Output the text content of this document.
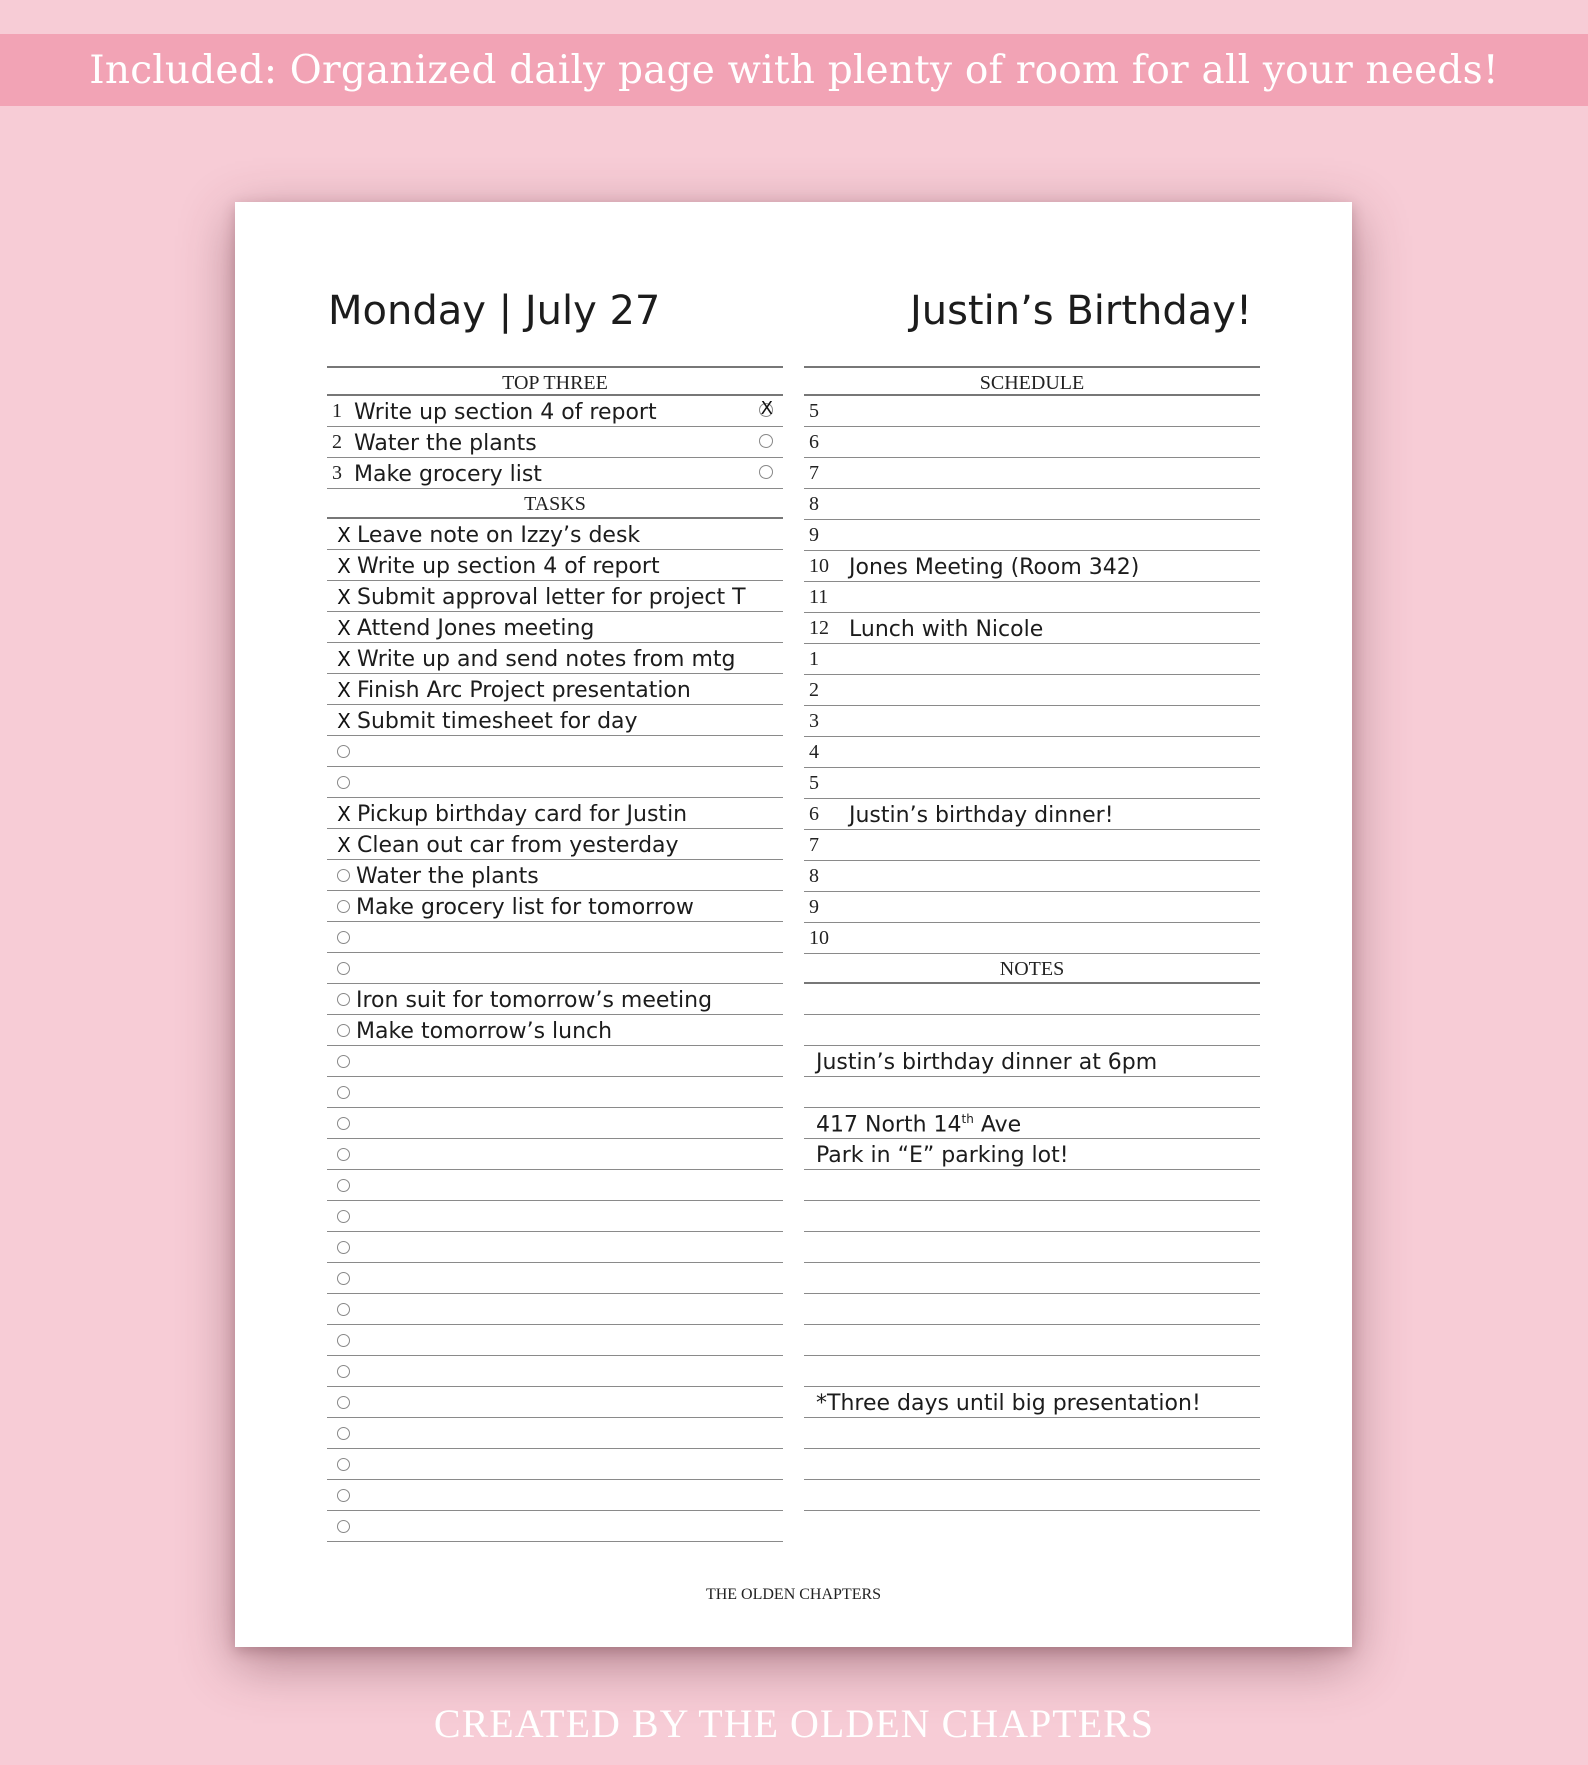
Included: Organized daily page with plenty of room for all your needs!
Monday | July 27	Justin’s Birthday!
TOP THREE
1 Write up section 4 of report	X
2 Water the plants
3 Make grocery list
TASKS
X Leave note on Izzy’s desk
X Write up section 4 of report
X Submit approval letter for project T
X Attend Jones meeting
X Write up and send notes from mtg
X Finish Arc Project presentation
X Submit timesheet for day
X Pickup birthday card for Justin
X Clean out car from yesterday
Water the plants
Make grocery list for tomorrow
Iron suit for tomorrow’s meeting
Make tomorrow’s lunch
SCHEDULE
5
6
7
8
9
10 Jones Meeting (Room 342)
11
12 Lunch with Nicole
1
2
3
4
5
6	Justin’s birthday dinner!
7
8
9
10
NOTES
Justin’s birthday dinner at 6pm
417 North 14th Ave
Park in “E” parking lot!
*Three days until big presentation!
THE OLDEN CHAPTERS
CREATED BY THE OLDEN CHAPTERS
